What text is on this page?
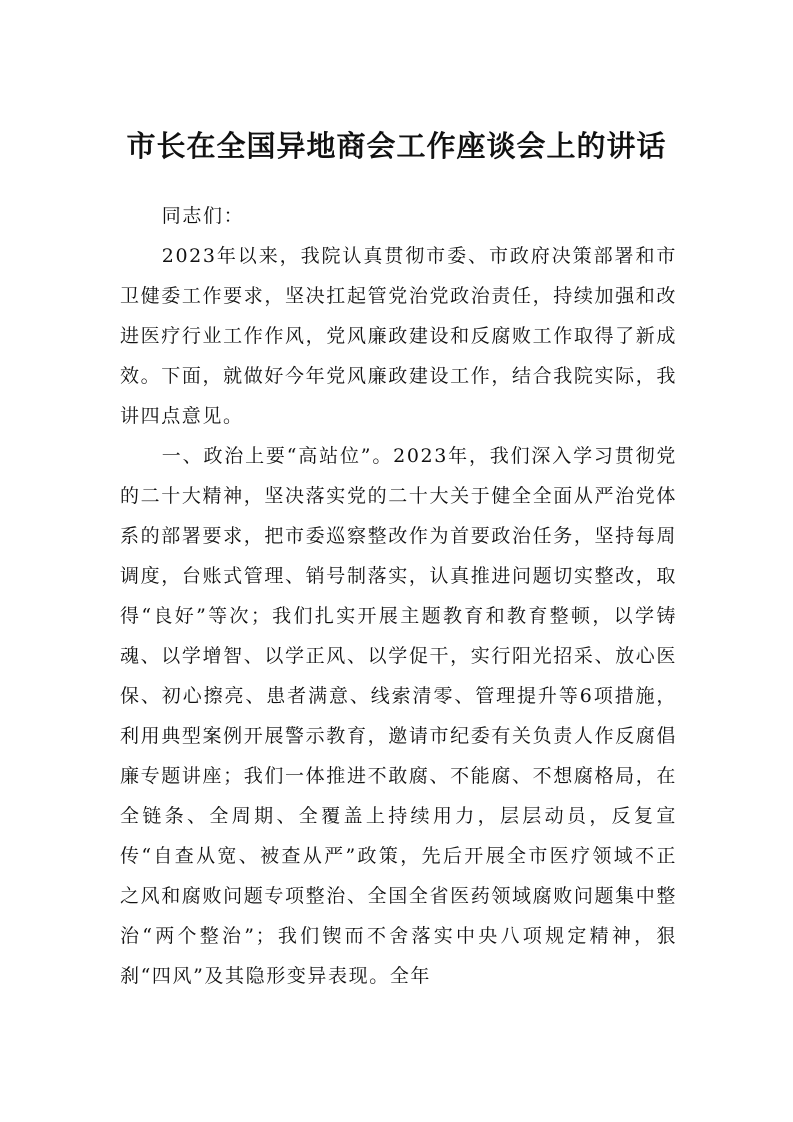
市长在全国异地商会工作座谈会上的讲话

同志们：

2023年以来，我院认真贯彻市委、市政府决策部署和市卫健委工作要求，坚决扛起管党治党政治责任，持续加强和改进医疗行业工作作风，党风廉政建设和反腐败工作取得了新成效。下面，就做好今年党风廉政建设工作，结合我院实际，我讲四点意见。

一、政治上要“高站位”。2023年，我们深入学习贯彻党的二十大精神，坚决落实党的二十大关于健全全面从严治党体系的部署要求，把市委巡察整改作为首要政治任务，坚持每周调度，台账式管理、销号制落实，认真推进问题切实整改，取得“良好”等次；我们扎实开展主题教育和教育整顿，以学铸魂、以学增智、以学正风、以学促干，实行阳光招采、放心医保、初心擦亮、患者满意、线索清零、管理提升等6项措施，利用典型案例开展警示教育，邀请市纪委有关负责人作反腐倡廉专题讲座；我们一体推进不敢腐、不能腐、不想腐格局，在全链条、全周期、全覆盖上持续用力，层层动员，反复宣传“自查从宽、被查从严”政策，先后开展全市医疗领域不正之风和腐败问题专项整治、全国全省医药领域腐败问题集中整治“两个整治”；我们锲而不舍落实中央八项规定精神，狠刹“四风”及其隐形变异表现。全年
